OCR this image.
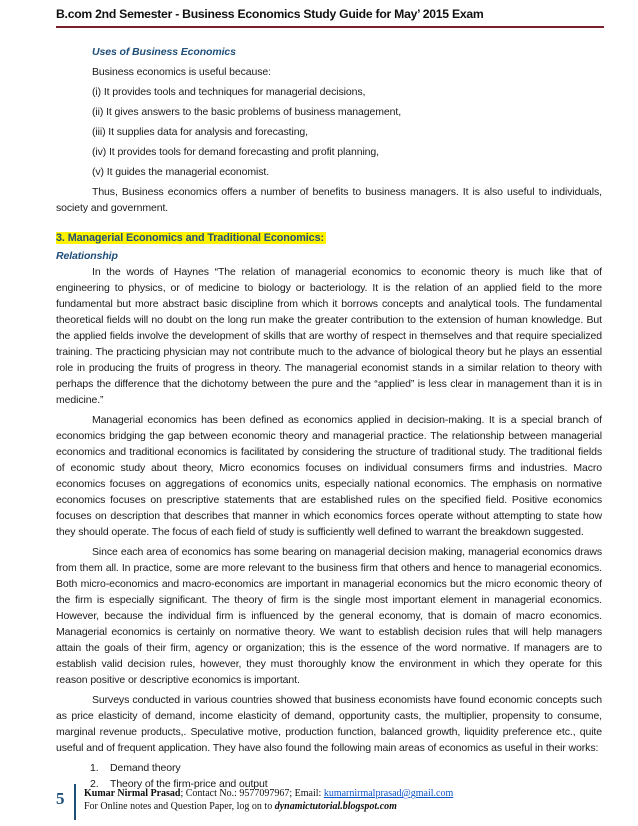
B.com 2nd Semester - Business Economics Study Guide for May’ 2015 Exam

Uses of Business Economics

Business economics is useful because:

(i) It provides tools and techniques for managerial decisions,

(ii) It gives answers to the basic problems of business management,

(iii) It supplies data for analysis and forecasting,

(iv) It provides tools for demand forecasting and profit planning,

(v) It guides the managerial economist.

Thus, Business economics offers a number of benefits to business managers. It is also useful to individuals, society and government.

3. Managerial Economics and Traditional Economics:

Relationship

In the words of Haynes “The relation of managerial economics to economic theory is much like that of engineering to physics, or of medicine to biology or bacteriology. It is the relation of an applied field to the more fundamental but more abstract basic discipline from which it borrows concepts and analytical tools. The fundamental theoretical fields will no doubt on the long run make the greater contribution to the extension of human knowledge. But the applied fields involve the development of skills that are worthy of respect in themselves and that require specialized training. The practicing physician may not contribute much to the advance of biological theory but he plays an essential role in producing the fruits of progress in theory. The managerial economist stands in a similar relation to theory with perhaps the difference that the dichotomy between the pure and the “applied” is less clear in management than it is in medicine.”

Managerial economics has been defined as economics applied in decision-making. It is a special branch of economics bridging the gap between economic theory and managerial practice. The relationship between managerial economics and traditional economics is facilitated by considering the structure of traditional study. The traditional fields of economic study about theory, Micro economics focuses on individual consumers firms and industries. Macro economics focuses on aggregations of economics units, especially national economics. The emphasis on normative economics focuses on prescriptive statements that are established rules on the specified field. Positive economics focuses on description that describes that manner in which economics forces operate without attempting to state how they should operate. The focus of each field of study is sufficiently well defined to warrant the breakdown suggested.

Since each area of economics has some bearing on managerial decision making, managerial economics draws from them all. In practice, some are more relevant to the business firm that others and hence to managerial economics. Both micro-economics and macro-economics are important in managerial economics but the micro economic theory of the firm is especially significant. The theory of firm is the single most important element in managerial economics. However, because the individual firm is influenced by the general economy, that is domain of macro economics. Managerial economics is certainly on normative theory. We want to establish decision rules that will help managers attain the goals of their firm, agency or organization; this is the essence of the word normative. If managers are to establish valid decision rules, however, they must thoroughly know the environment in which they operate for this reason positive or descriptive economics is important.

Surveys conducted in various countries showed that business economists have found economic concepts such as price elasticity of demand, income elasticity of demand, opportunity casts, the multiplier, propensity to consume, marginal revenue products,. Speculative motive, production function, balanced growth, liquidity preference etc., quite useful and of frequent application. They have also found the following main areas of economics as useful in their works:

1. Demand theory

2. Theory of the firm-price and output

5	Kumar Nirmal Prasad; Contact No.: 9577097967; Email: kumarnirmalprasad@gmail.com
For Online notes and Question Paper, log on to dynamictutorial.blogspot.com
